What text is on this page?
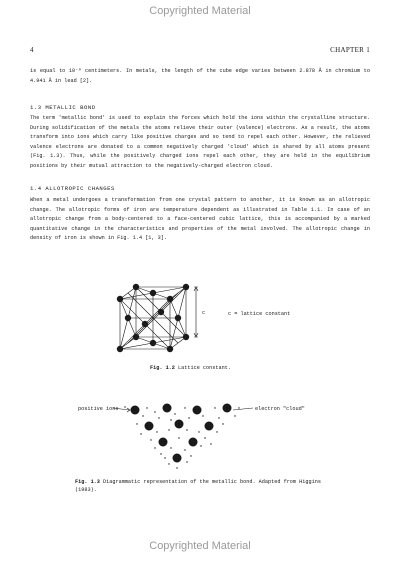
Copyrighted Material
4	CHAPTER 1
is equal to 10⁻⁸ centimeters. In metals, the length of the cube edge varies between 2.878 Å in chromium to 4.941 Å in lead [2].
1.3 METALLIC BOND
The term 'metallic bond' is used to explain the forces which hold the ions within the crystalline structure. During solidification of the metals the atoms relieve their outer (valence) electrons. As a result, the atoms transform into ions which carry like positive charges and so tend to repel each other. However, the relieved valence electrons are donated to a common negatively charged 'cloud' which is shared by all atoms present (Fig. 1.3). Thus, while the positively charged ions repel each other, they are held in the equilibrium positions by their mutual attraction to the negatively-charged electron cloud.
1.4 ALLOTROPIC CHANGES
When a metal undergoes a transformation from one crystal pattern to another, it is known as an allotropic change. The allotropic forms of iron are temperature dependent as illustrated in Table 1.1. In case of an allotropic change from a body-centered to a face-centered cubic lattice, this is accompanied by a marked quantitative change in the characteristics and properties of the metal involved. The allotropic change in density of iron is shown in Fig. 1.4 [1, 3].
c	c = lattice constant
Fig. 1.2 Lattice constant.
positive ions	electron "cloud"
Fig. 1.3 Diagrammatic representation of the metallic bond. Adapted from Higgins (1983).
Copyrighted Material
